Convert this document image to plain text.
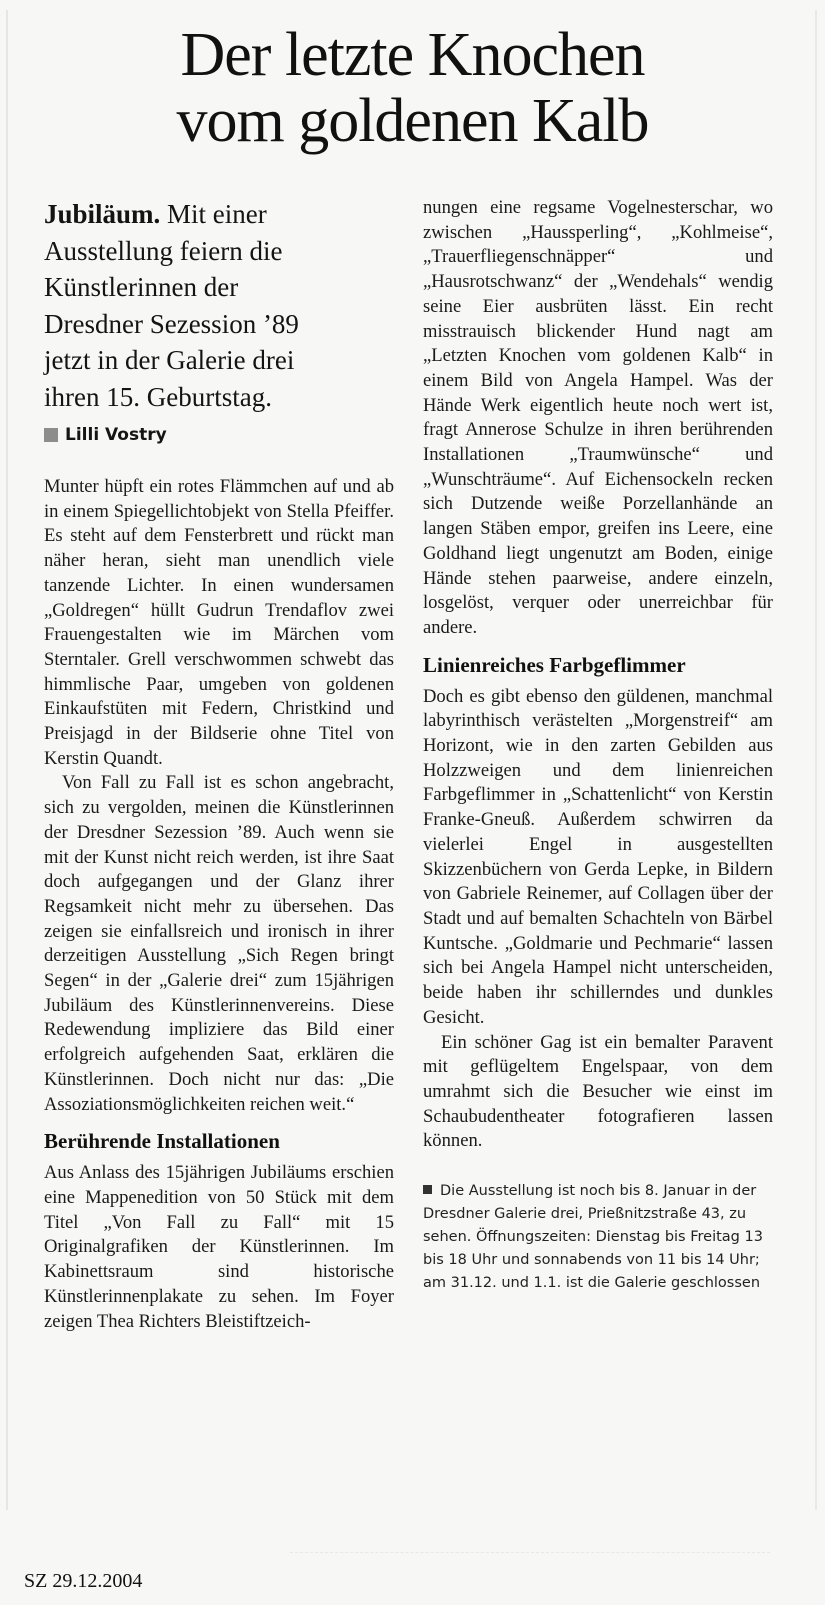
Der letzte Knochen
vom goldenen Kalb
Jubiläum. Mit einer
Ausstellung feiern die
Künstlerinnen der
Dresdner Sezession ’89
jetzt in der Galerie drei
ihren 15. Geburtstag.
Lilli Vostry

Munter hüpft ein rotes Flämmchen auf und ab in einem Spiegellichtobjekt von Stella Pfeiffer. Es steht auf dem Fensterbrett und rückt man näher heran, sieht man unendlich viele tanzende Lichter. In einen wundersamen „Goldregen“ hüllt Gudrun Trendaflov zwei Frauengestalten wie im Märchen vom Sterntaler. Grell verschwommen schwebt das himmlische Paar, umgeben von goldenen Einkaufstüten mit Federn, Christkind und Preisjagd in der Bildserie ohne Titel von Kerstin Quandt.

Von Fall zu Fall ist es schon angebracht, sich zu vergolden, meinen die Künstlerinnen der Dresdner Sezession ’89. Auch wenn sie mit der Kunst nicht reich werden, ist ihre Saat doch aufgegangen und der Glanz ihrer Regsamkeit nicht mehr zu übersehen. Das zeigen sie einfallsreich und ironisch in ihrer derzeitigen Ausstellung „Sich Regen bringt Segen“ in der „Galerie drei“ zum 15jährigen Jubiläum des Künstlerinnenvereins. Diese Redewendung impliziere das Bild einer erfolgreich aufgehenden Saat, erklären die Künstlerinnen. Doch nicht nur das: „Die Assoziationsmöglichkeiten reichen weit.“

Berührende Installationen

Aus Anlass des 15jährigen Jubiläums erschien eine Mappenedition von 50 Stück mit dem Titel „Von Fall zu Fall“ mit 15 Originalgrafiken der Künstlerinnen. Im Kabinettsraum sind historische Künstlerinnenplakate zu sehen. Im Foyer zeigen Thea Richters Bleistiftzeich-

nungen eine regsame Vogelnesterschar, wo zwischen „Haussperling“, „Kohlmeise“, „Trauerfliegenschnäpper“ und „Hausrotschwanz“ der „Wendehals“ wendig seine Eier ausbrüten lässt. Ein recht misstrauisch blickender Hund nagt am „Letzten Knochen vom goldenen Kalb“ in einem Bild von Angela Hampel. Was der Hände Werk eigentlich heute noch wert ist, fragt Annerose Schulze in ihren berührenden Installationen „Traumwünsche“ und „Wunschträume“. Auf Eichensockeln recken sich Dutzende weiße Porzellanhände an langen Stäben empor, greifen ins Leere, eine Goldhand liegt ungenutzt am Boden, einige Hände stehen paarweise, andere einzeln, losgelöst, verquer oder unerreichbar für andere.

Linienreiches Farbgeflimmer

Doch es gibt ebenso den güldenen, manchmal labyrinthisch verästelten „Morgenstreif“ am Horizont, wie in den zarten Gebilden aus Holzzweigen und dem linienreichen Farbgeflimmer in „Schattenlicht“ von Kerstin Franke-Gneuß. Außerdem schwirren da vielerlei Engel in ausgestellten Skizzenbüchern von Gerda Lepke, in Bildern von Gabriele Reinemer, auf Collagen über der Stadt und auf bemalten Schachteln von Bärbel Kuntsche. „Goldmarie und Pechmarie“ lassen sich bei Angela Hampel nicht unterscheiden, beide haben ihr schillerndes und dunkles Gesicht.

Ein schöner Gag ist ein bemalter Paravent mit geflügeltem Engelspaar, von dem umrahmt sich die Besucher wie einst im Schaubudentheater fotografieren lassen können.

Die Ausstellung ist noch bis 8. Januar in der Dresdner Galerie drei, Prießnitzstraße 43, zu sehen. Öffnungszeiten: Dienstag bis Freitag 13 bis 18 Uhr und sonnabends von 11 bis 14 Uhr; am 31.12. und 1.1. ist die Galerie geschlossen
SZ 29.12.2004
